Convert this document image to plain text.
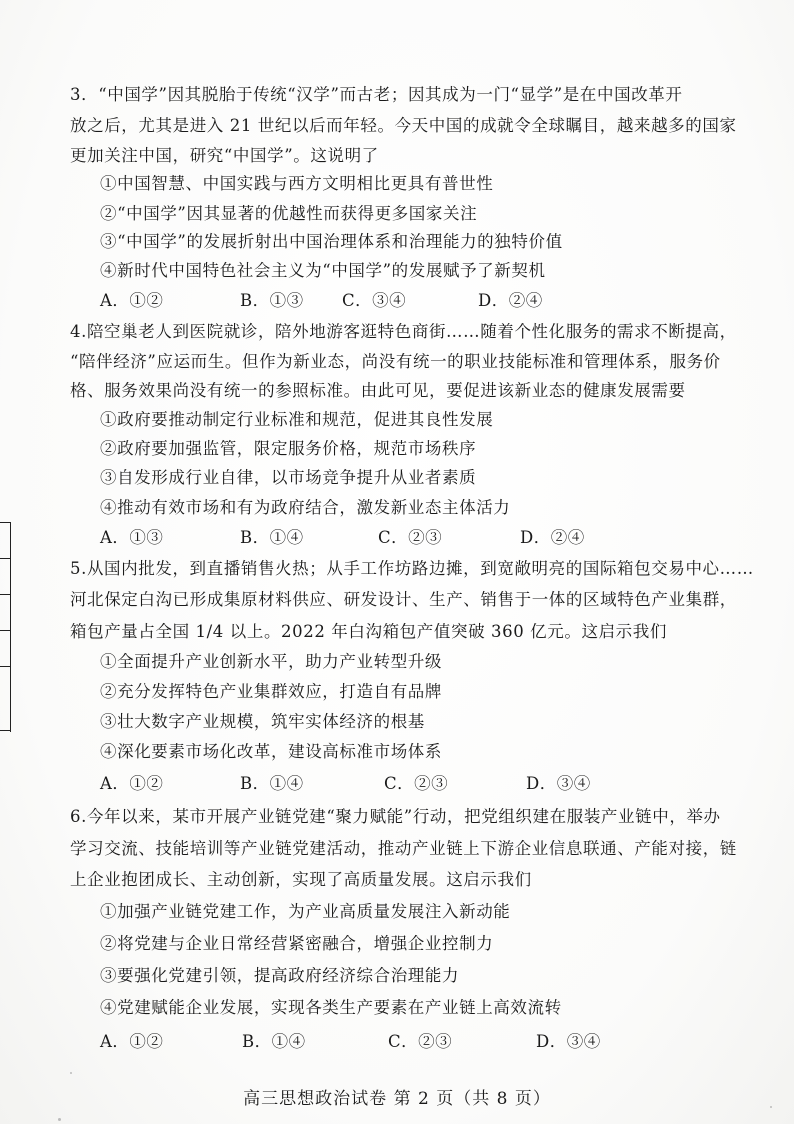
3．“中国学”因其脱胎于传统“汉学”而古老；因其成为一门“显学”是在中国改革开
放之后，尤其是进入 21 世纪以后而年轻。今天中国的成就令全球瞩目，越来越多的国家
更加关注中国，研究“中国学”。这说明了
①中国智慧、中国实践与西方文明相比更具有普世性
②“中国学”因其显著的优越性而获得更多国家关注
③“中国学”的发展折射出中国治理体系和治理能力的独特价值
④新时代中国特色社会主义为“中国学”的发展赋予了新契机
A．①②	B．①③ C．③④	D．②④
4.陪空巢老人到医院就诊，陪外地游客逛特色商街……随着个性化服务的需求不断提高，
“陪伴经济”应运而生。但作为新业态，尚没有统一的职业技能标准和管理体系，服务价
格、服务效果尚没有统一的参照标准。由此可见，要促进该新业态的健康发展需要
①政府要推动制定行业标准和规范，促进其良性发展
②政府要加强监管，限定服务价格，规范市场秩序
③自发形成行业自律，以市场竞争提升从业者素质
④推动有效市场和有为政府结合，激发新业态主体活力
A．①③	B．①④	C．②③	D．②④
5.从国内批发，到直播销售火热；从手工作坊路边摊，到宽敞明亮的国际箱包交易中心……
河北保定白沟已形成集原材料供应、研发设计、生产、销售于一体的区域特色产业集群，
箱包产量占全国 1/4 以上。2022 年白沟箱包产值突破 360 亿元。这启示我们
①全面提升产业创新水平，助力产业转型升级
②充分发挥特色产业集群效应，打造自有品牌
③壮大数字产业规模，筑牢实体经济的根基
④深化要素市场化改革，建设高标准市场体系
A．①②	B．①④	C．②③	D．③④
6.今年以来，某市开展产业链党建“聚力赋能”行动，把党组织建在服装产业链中，举办
学习交流、技能培训等产业链党建活动，推动产业链上下游企业信息联通、产能对接，链
上企业抱团成长、主动创新，实现了高质量发展。这启示我们
①加强产业链党建工作，为产业高质量发展注入新动能
②将党建与企业日常经营紧密融合，增强企业控制力
③要强化党建引领，提高政府经济综合治理能力
④党建赋能企业发展，实现各类生产要素在产业链上高效流转
A．①②	B．①④	C．②③	D．③④
高三思想政治试卷 第 2 页（共 8 页）
